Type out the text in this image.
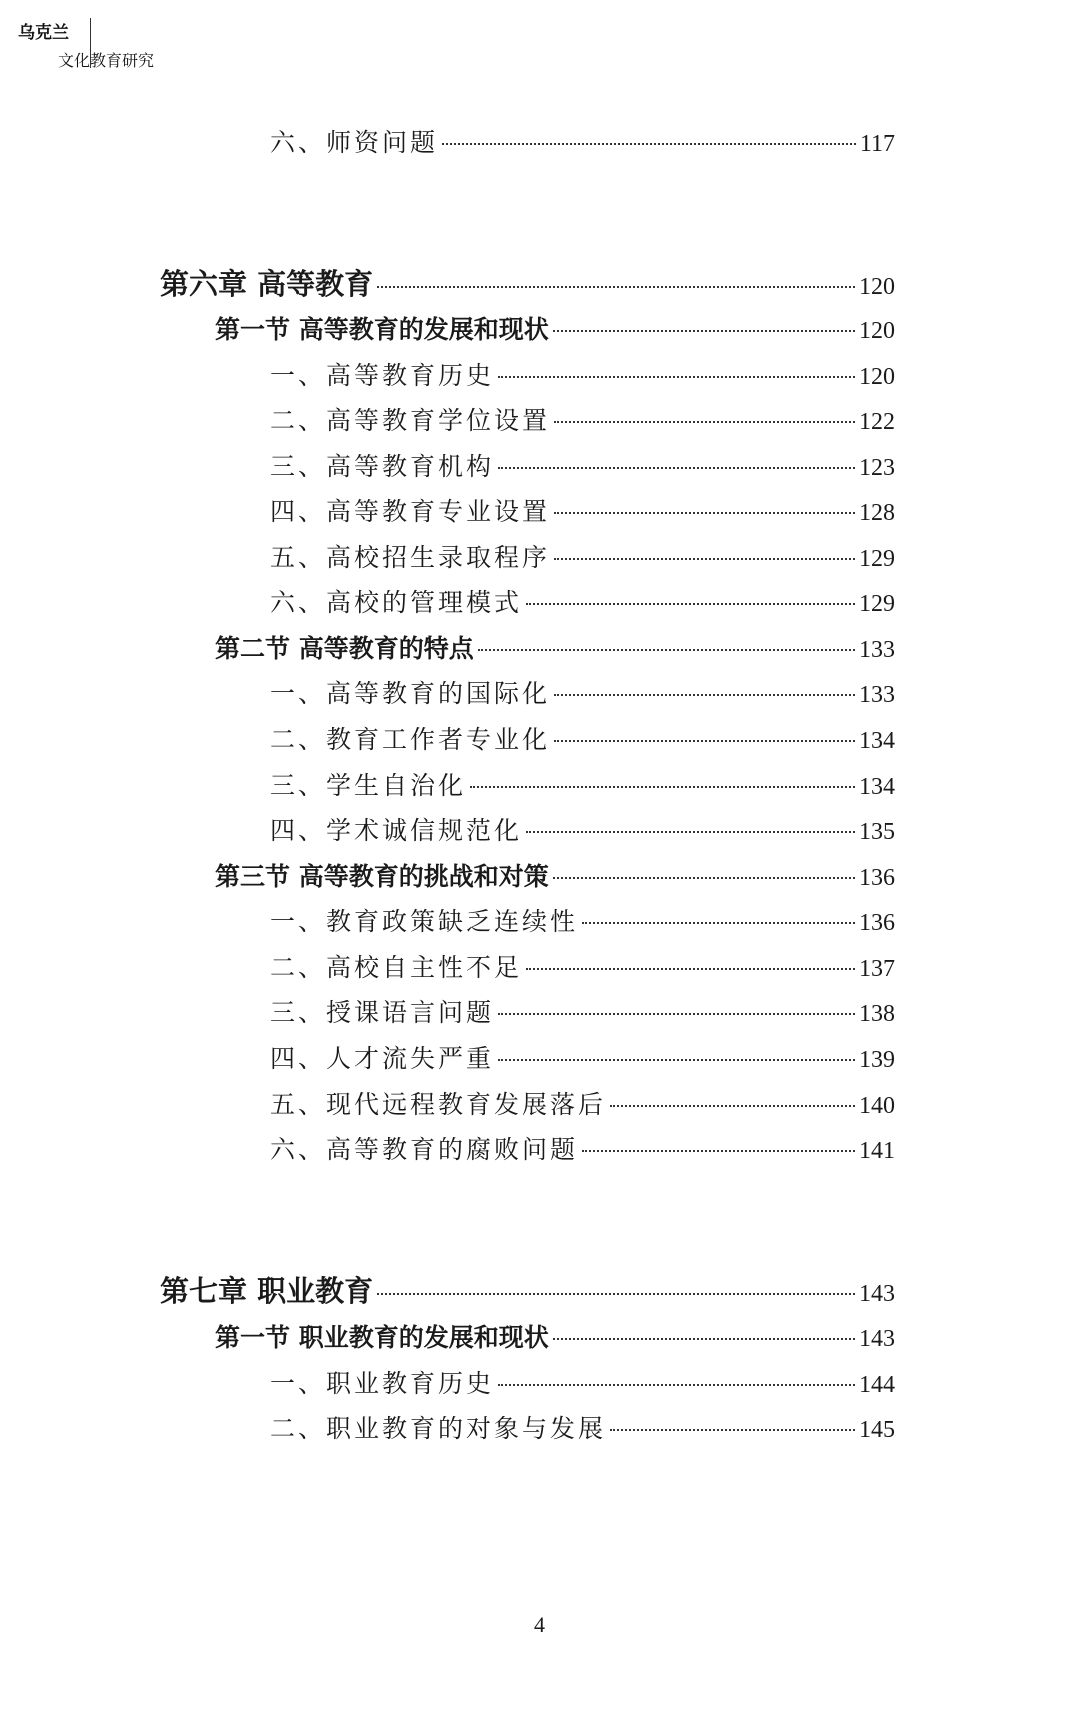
乌克兰
文化教育研究
六、师资问题	117
第六章 高等教育	120
第一节 高等教育的发展和现状	120
一、高等教育历史	120
二、高等教育学位设置	122
三、高等教育机构	123
四、高等教育专业设置	128
五、高校招生录取程序	129
六、高校的管理模式	129
第二节 高等教育的特点	133
一、高等教育的国际化	133
二、教育工作者专业化	134
三、学生自治化	134
四、学术诚信规范化	135
第三节 高等教育的挑战和对策	136
一、教育政策缺乏连续性	136
二、高校自主性不足	137
三、授课语言问题	138
四、人才流失严重	139
五、现代远程教育发展落后	140
六、高等教育的腐败问题	141
第七章 职业教育	143
第一节 职业教育的发展和现状	143
一、职业教育历史	144
二、职业教育的对象与发展	145
4
